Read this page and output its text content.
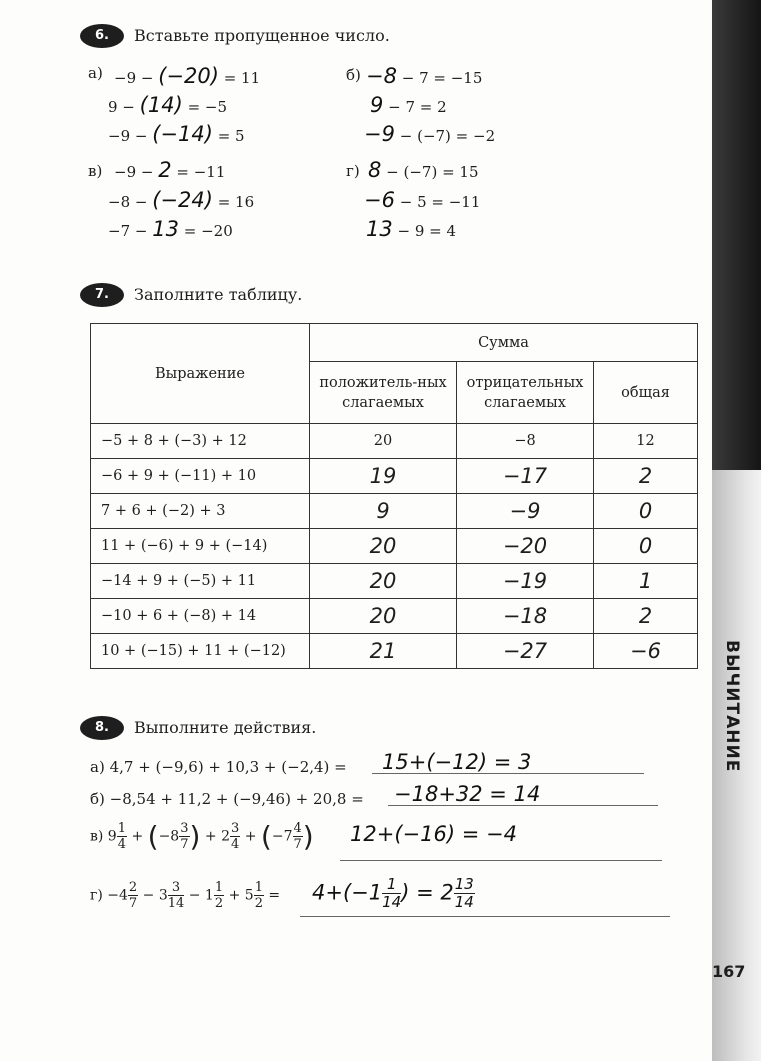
ВЫЧИТАНИЕ
167
6.	Вставьте пропущенное число.
а) −9 − (−20) = 11
9 − (14) = −5
−9 − (−14) = 5
б) −8 − 7 = −15
9 − 7 = 2
−9 − (−7) = −2
в) −9 − 2 = −11
−8 − (−24) = 16
−7 − 13 = −20
г) 8 − (−7) = 15
−6 − 5 = −11
13 − 9 = 4
7.	Заполните таблицу.
Выражение	Сумма		
	положитель-ных слагаемых	отрицательных слагаемых	общая
−5 + 8 + (−3) + 12	20	−8	12
−6 + 9 + (−11) + 10	19	−17	2
7 + 6 + (−2) + 3	9	−9	0
11 + (−6) + 9 + (−14)	20	−20	0
−14 + 9 + (−5) + 11	20	−19	1
−10 + 6 + (−8) + 14	20	−18	2
10 + (−15) + 11 + (−12)	21	−27	−6
8.	Выполните действия.
а) 4,7 + (−9,6) + 10,3 + (−2,4) = 15+(−12) = 3
б) −8,54 + 11,2 + (−9,46) + 20,8 = −18+32 = 14
в) $9 \frac{1}{4} + (-8 \frac{3}{7}$ ) + $2 \frac{3}{4} + (-7 \frac{4}{7}$ ) 12+(−16) = −4
$г) -4 \frac{2}{7} - 3 \frac{3}{14} - 1 \frac{1}{2} + 5 \frac{1}{2} = 4+(-1 \frac{1}{14}$ ) = $2 \frac{13}{14}$
